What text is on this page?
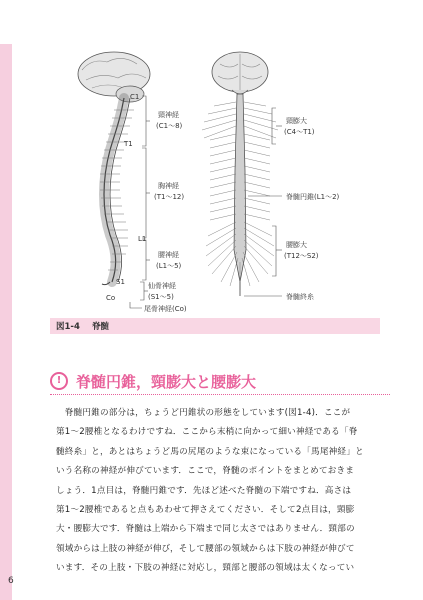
C1
T1
L1
S1
Co
頸神経
(C1〜8)
胸神経
(T1〜12)
腰神経
(L1〜5)
仙骨神経
(S1〜5)
尾骨神経(Co)
頸膨大
(C4〜T1)
脊髄円錐(L1〜2)
腰膨大
(T12〜S2)
脊髄終糸
図1-4 脊髄
! 脊髄円錐，頸膨大と腰膨大

　脊髄円錐の部分は，ちょうど円錐状の形態をしています(図1-4)．ここが

第1〜2腰椎となるわけですね．ここから末梢に向かって細い神経である「脊

髄終糸」と，あとはちょうど馬の尻尾のような束になっている「馬尾神経」と

いう名称の神経が伸びています．ここで，脊髄のポイントをまとめておきま

しょう．1点目は，脊髄円錐です．先ほど述べた脊髄の下端ですね．高さは

第1〜2腰椎であると点もあわせて押さえてください．そして2点目は，頸膨

大・腰膨大です．脊髄は上端から下端まで同じ太さではありません．頸部の

領域からは上肢の神経が伸び，そして腰部の領域からは下肢の神経が伸びて

います．その上肢・下肢の神経に対応し，頸部と腰部の領域は太くなってい

6
